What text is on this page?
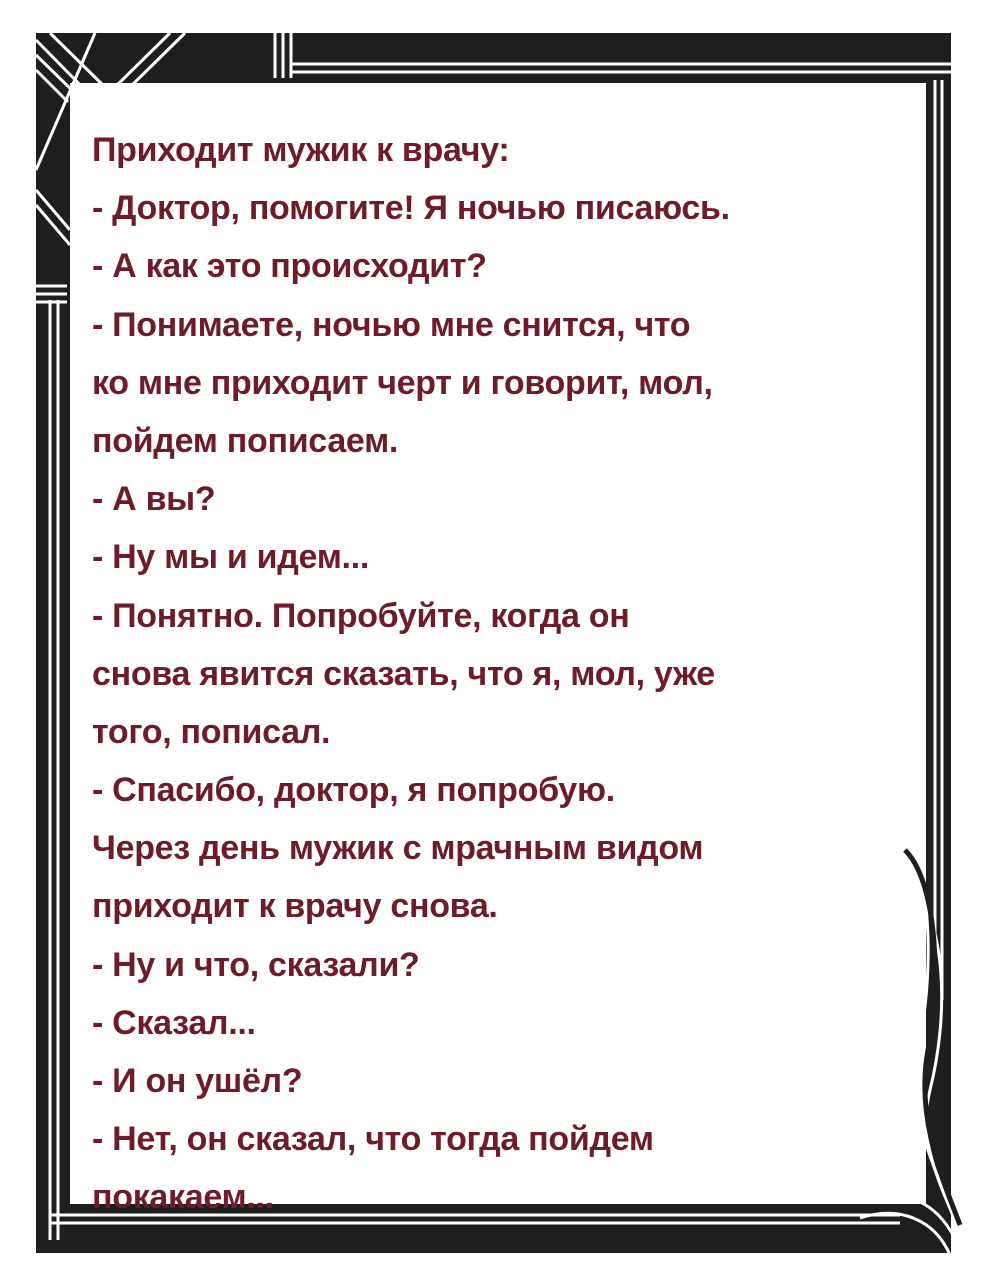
Приходит мужик к врачу:
- Доктор, помогите! Я ночью писаюсь.
- А как это происходит?
- Понимаете, ночью мне снится, что
ко мне приходит черт и говорит, мол,
пойдем пописаем.
- А вы?
- Ну мы и идем...
- Понятно. Попробуйте, когда он
снова явится сказать, что я, мол, уже
того, пописал.
- Спасибо, доктор, я попробую.
Через день мужик с мрачным видом
приходит к врачу снова.
- Ну и что, сказали?
- Сказал...
- И он ушёл?
- Нет, он сказал, что тогда пойдем
покакаем...
